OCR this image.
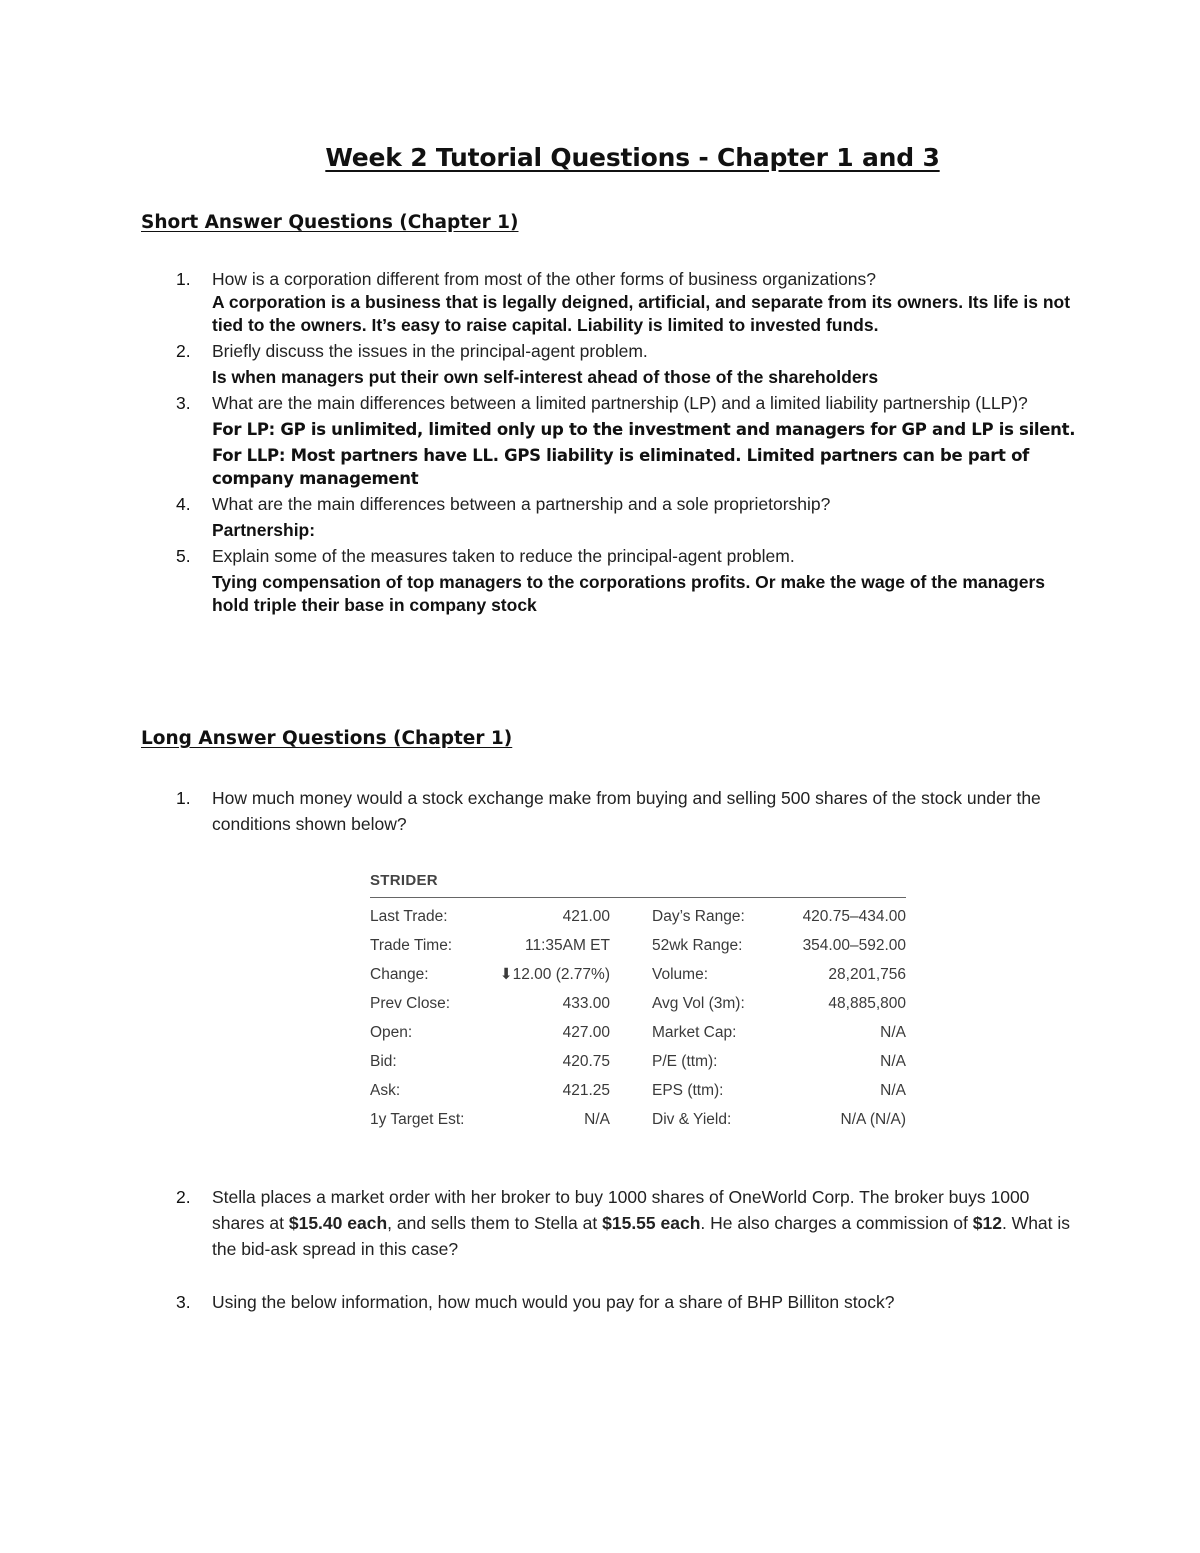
Week 2 Tutorial Questions - Chapter 1 and 3
Short Answer Questions (Chapter 1)
1. How is a corporation different from most of the other forms of business organizations?
A corporation is a business that is legally deigned, artificial, and separate from its owners. Its life is not tied to the owners. It’s easy to raise capital. Liability is limited to invested funds.
2. Briefly discuss the issues in the principal-agent problem.
Is when managers put their own self-interest ahead of those of the shareholders
3. What are the main differences between a limited partnership (LP) and a limited liability partnership (LLP)?
For LP: GP is unlimited, limited only up to the investment and managers for GP and LP is silent.
For LLP: Most partners have LL. GPS liability is eliminated. Limited partners can be part of company management
4. What are the main differences between a partnership and a sole proprietorship?
Partnership:
5. Explain some of the measures taken to reduce the principal-agent problem.
Tying compensation of top managers to the corporations profits. Or make the wage of the managers hold triple their base in company stock
Long Answer Questions (Chapter 1)
1. How much money would a stock exchange make from buying and selling 500 shares of the stock under the conditions shown below?
STRIDER
Last Trade:	421.00		Day’s Range:	420.75–434.00
Trade Time:	11:35AM ET		52wk Range:	354.00–592.00
Change:	⬇12.00 (2.77%)		Volume:	28,201,756
Prev Close:	433.00		Avg Vol (3m):	48,885,800
Open:	427.00		Market Cap:	N/A
Bid:	420.75		P/E (ttm):	N/A
Ask:	421.25		EPS (ttm):	N/A
1y Target Est:	N/A		Div & Yield:	N/A (N/A)
2. Stella places a market order with her broker to buy 1000 shares of OneWorld Corp. The broker buys 1000 shares at $15.40 each, and sells them to Stella at $15.55 each. He also charges a commission of $12. What is the bid-ask spread in this case?
3. Using the below information, how much would you pay for a share of BHP Billiton stock?
